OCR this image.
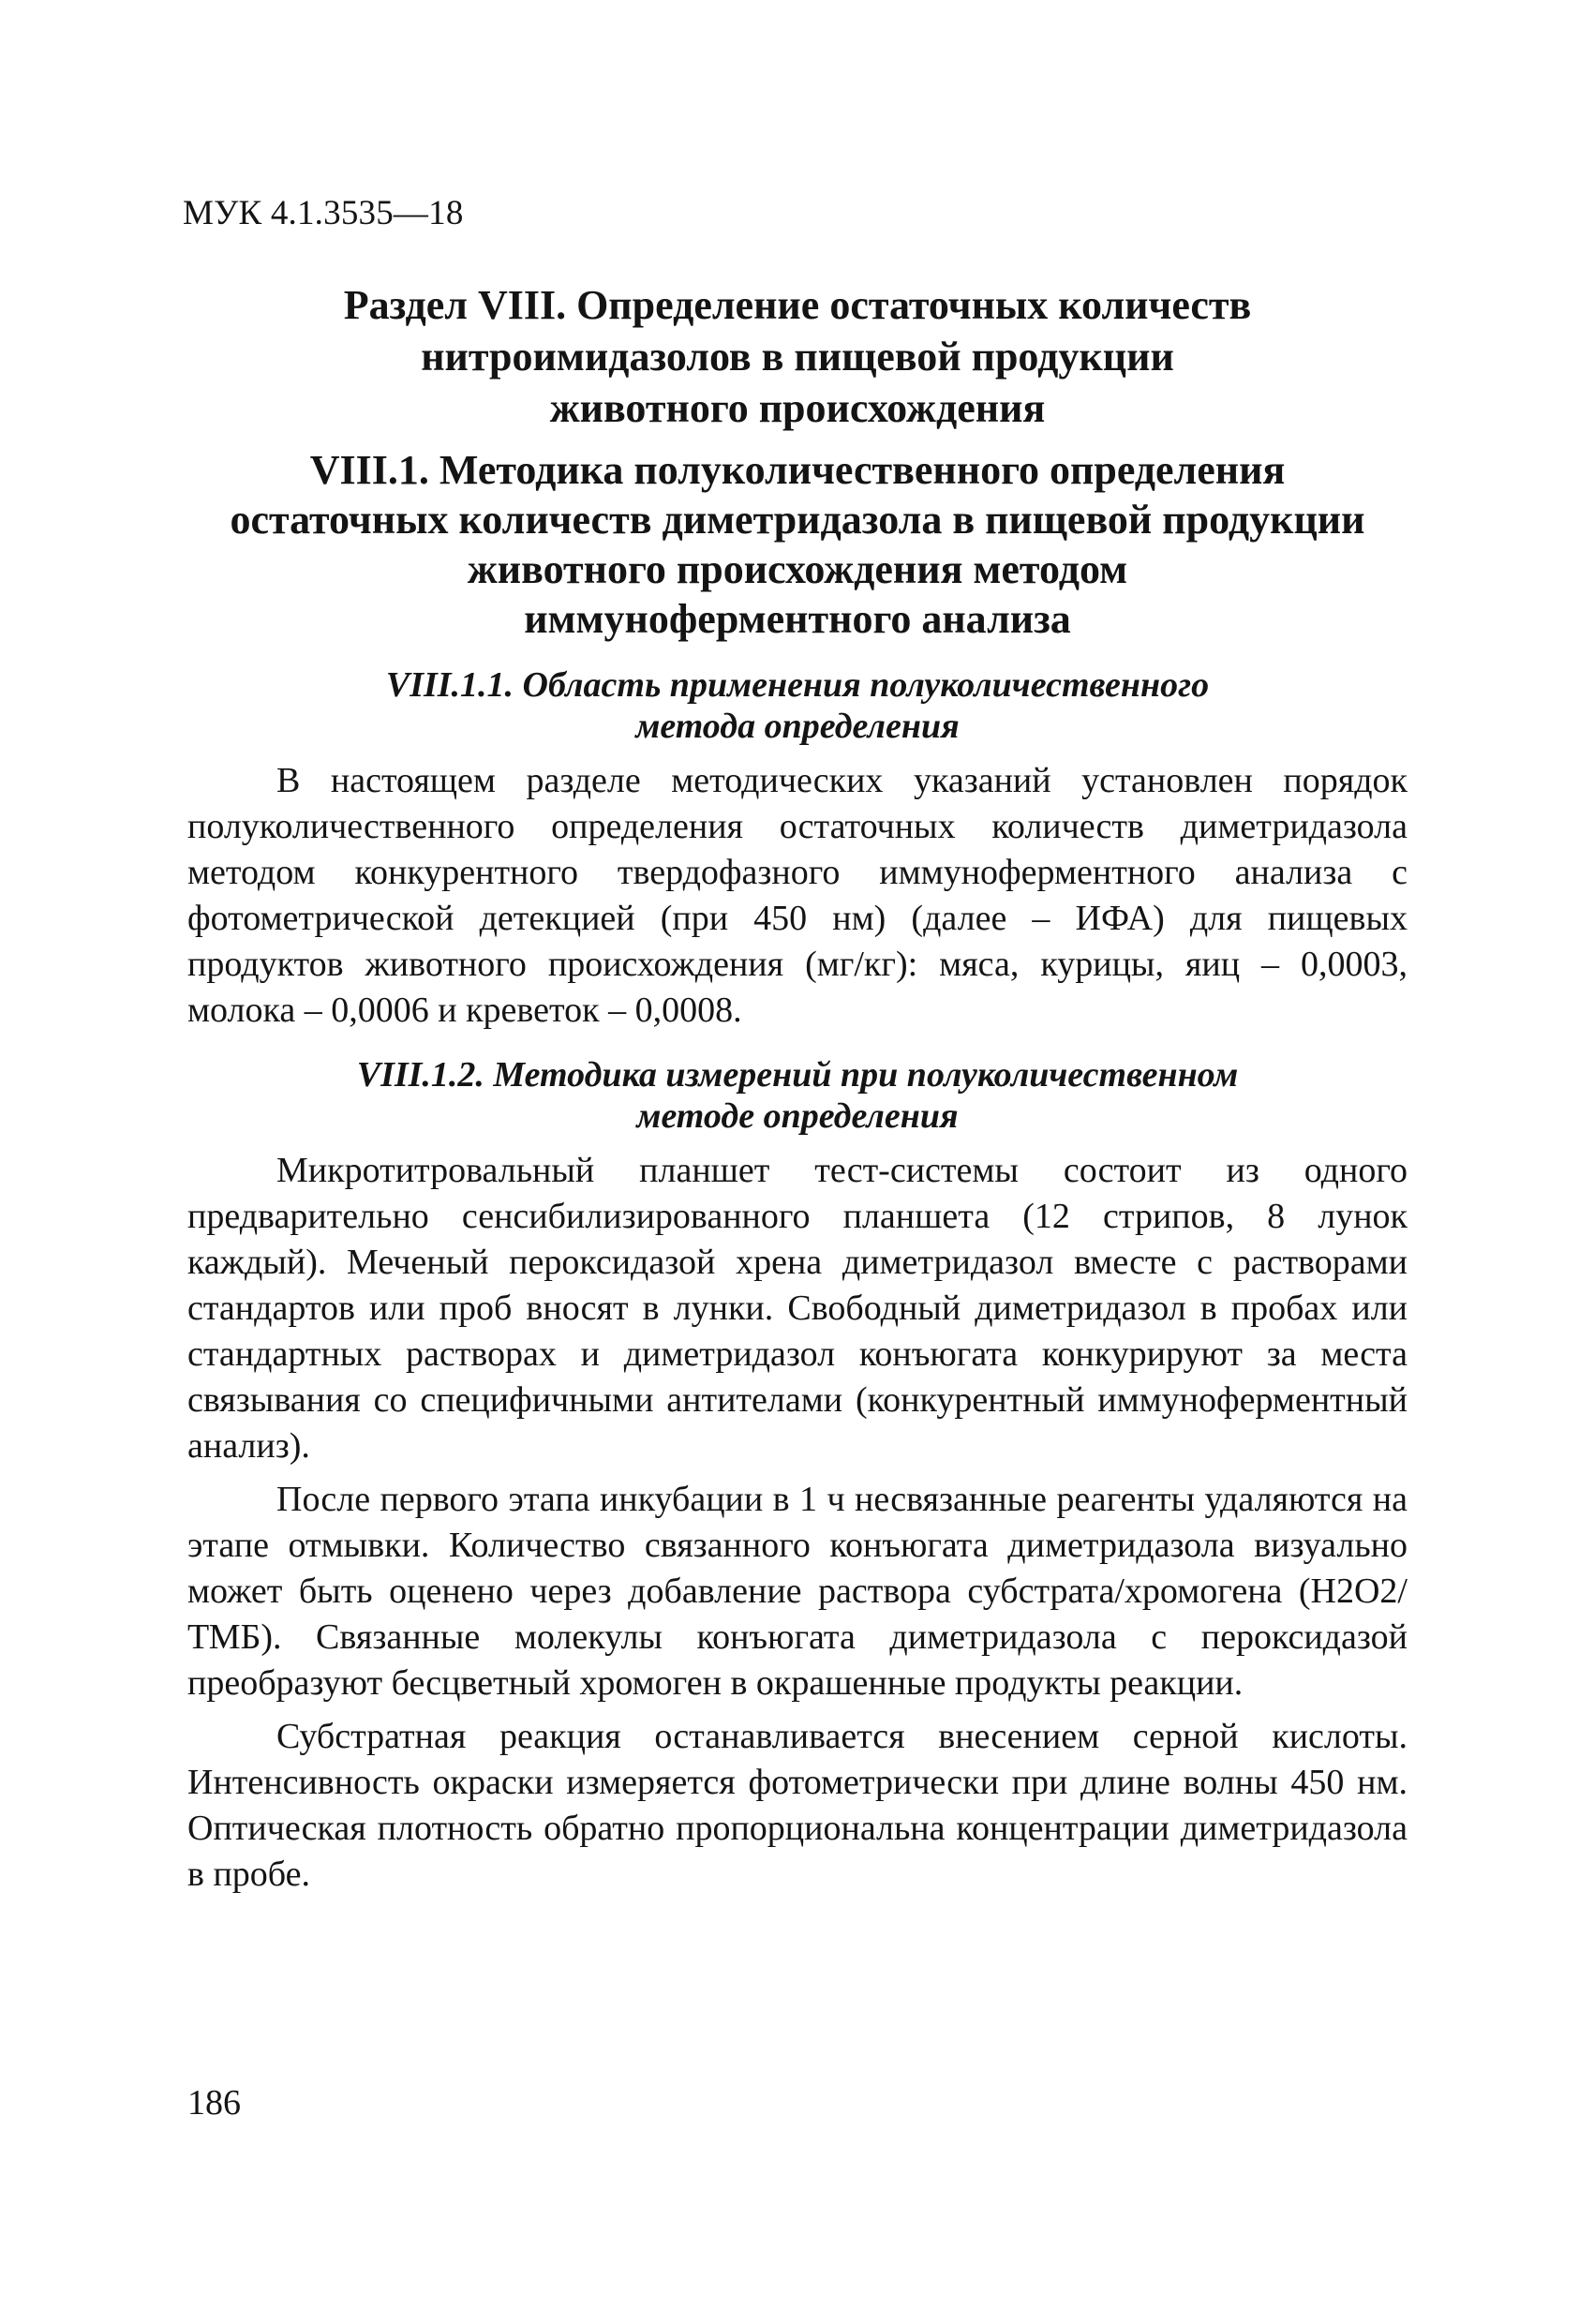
МУК 4.1.3535—18
Раздел VIII. Определение остаточных количеств
нитроимидазолов в пищевой продукции
животного происхождения
VIII.1. Методика полуколичественного определения
остаточных количеств диметридазола в пищевой продукции
животного происхождения методом
иммуноферментного анализа
VIII.1.1. Область применения полуколичественного
метода определения

В настоящем разделе методических указаний установлен порядок полуколичественного определения остаточных количеств диметридазола методом конкурентного твердофазного иммуноферментного анализа с фотометрической детекцией (при 450 нм) (далее – ИФА) для пищевых продуктов животного происхождения (мг/кг): мяса, курицы, яиц – 0,0003, молока – 0,0006 и креветок – 0,0008.

VIII.1.2. Методика измерений при полуколичественном
методе определения

Микротитровальный планшет тест-системы состоит из одного предварительно сенсибилизированного планшета (12 стрипов, 8 лунок каждый). Меченый пероксидазой хрена диметридазол вместе с растворами стандартов или проб вносят в лунки. Свободный диметридазол в пробах или стандартных растворах и диметридазол конъюгата конкурируют за места связывания со специфичными антителами (конкурентный иммуноферментный анализ).

После первого этапа инкубации в 1 ч несвязанные реагенты удаляются на этапе отмывки. Количество связанного конъюгата диметридазола визуально может быть оценено через добавление раствора субстрата/хромогена (H2O2/ТМБ). Связанные молекулы конъюгата диметридазола с пероксидазой преобразуют бесцветный хромоген в окрашенные продукты реакции.

Субстратная реакция останавливается внесением серной кислоты. Интенсивность окраски измеряется фотометрически при длине волны 450 нм. Оптическая плотность обратно пропорциональна концентрации диметридазола в пробе.

186
